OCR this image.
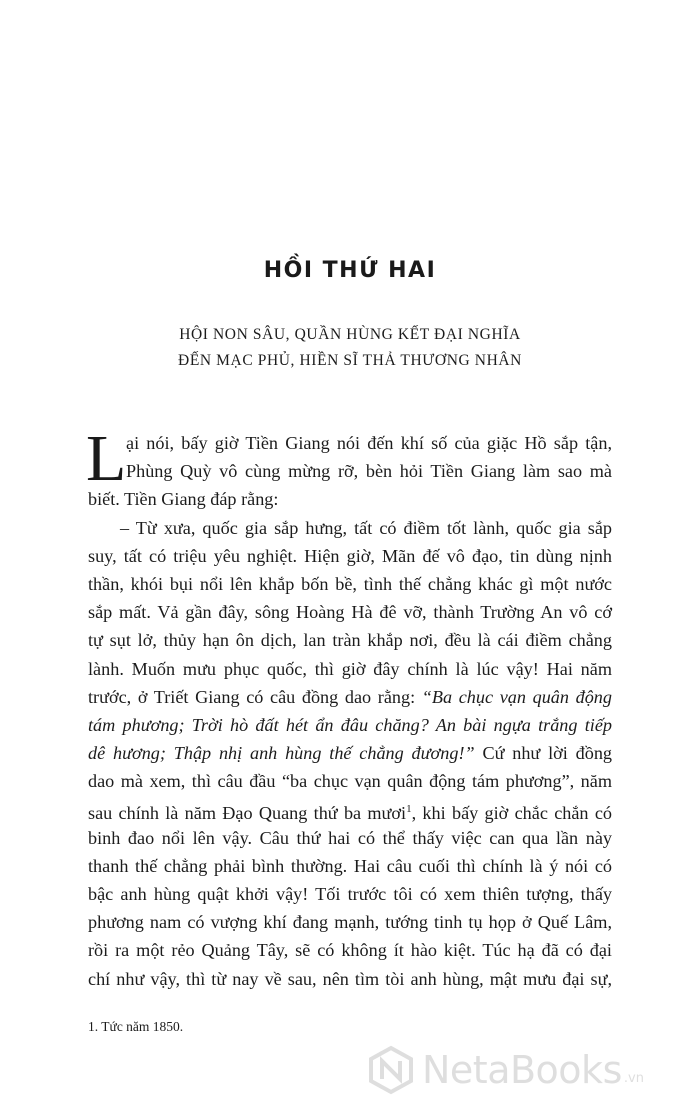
HỒI THỨ HAI
HỘI NON SÂU, QUẦN HÙNG KẾT ĐẠI NGHĨA
ĐẾN MẠC PHỦ, HIỀN SĨ THẢ THƯƠNG NHÂN
L ại nói, bấy giờ Tiền Giang nói đến khí số của giặc Hồ sắp tận,
Phùng Quỳ vô cùng mừng rỡ, bèn hỏi Tiền Giang làm sao mà
biết. Tiền Giang đáp rằng:
– Từ xưa, quốc gia sắp hưng, tất có điềm tốt lành, quốc gia sắp
suy, tất có triệu yêu nghiệt. Hiện giờ, Mãn đế vô đạo, tin dùng nịnh
thần, khói bụi nổi lên khắp bốn bề, tình thế chẳng khác gì một nước
sắp mất. Vả gần đây, sông Hoàng Hà đê vỡ, thành Trường An vô cớ
tự sụt lở, thủy hạn ôn dịch, lan tràn khắp nơi, đều là cái điềm chẳng
lành. Muốn mưu phục quốc, thì giờ đây chính là lúc vậy! Hai năm
trước, ở Triết Giang có câu đồng dao rằng: “Ba chục vạn quân động
tám phương; Trời hò đất hét ẩn đâu chăng? An bài ngựa trắng tiếp
dê hương; Thập nhị anh hùng thế chẳng đương!” Cứ như lời đồng
dao mà xem, thì câu đầu “ba chục vạn quân động tám phương”, năm
sau chính là năm Đạo Quang thứ ba mươi$^1$, khi bấy giờ chắc chắn có
binh đao nổi lên vậy. Câu thứ hai có thể thấy việc can qua lần này
thanh thế chẳng phải bình thường. Hai câu cuối thì chính là ý nói có
bậc anh hùng quật khởi vậy! Tối trước tôi có xem thiên tượng, thấy
phương nam có vượng khí đang mạnh, tướng tinh tụ họp ở Quế Lâm,
rồi ra một rẻo Quảng Tây, sẽ có không ít hào kiệt. Túc hạ đã có đại
chí như vậy, thì từ nay về sau, nên tìm tòi anh hùng, mật mưu đại sự,
1. Tức năm 1850.
NetaBooks .vn
